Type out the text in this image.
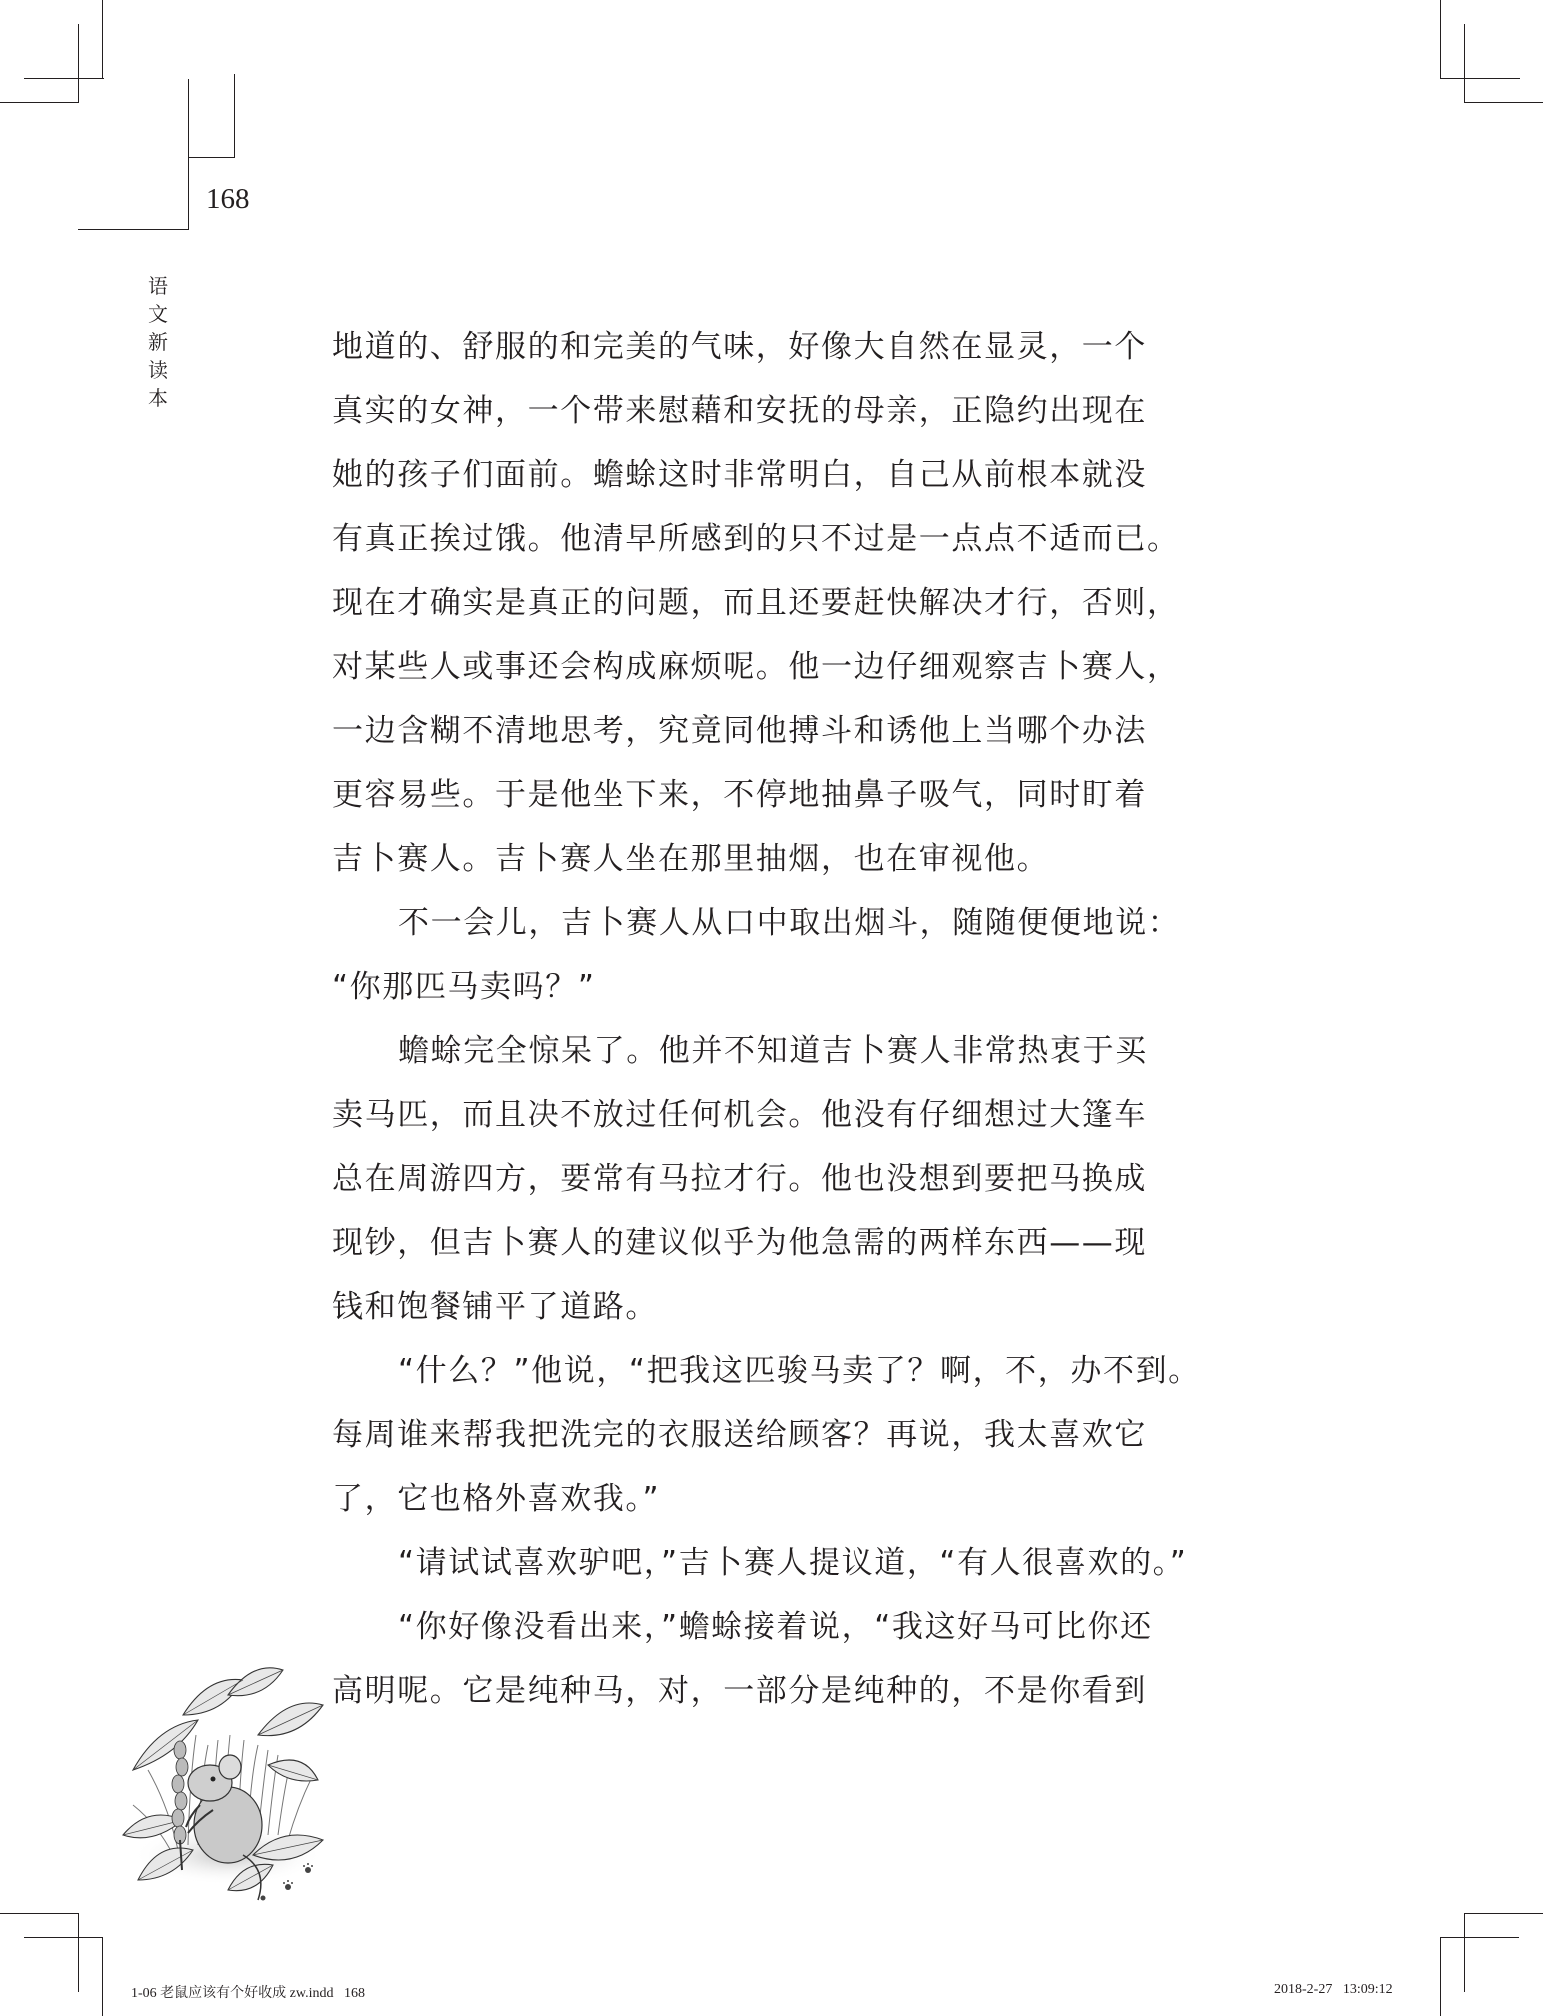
168
语
文
新
读
本
地道的、舒服的和完美的气味，好像大自然在显灵，一个
真实的女神，一个带来慰藉和安抚的母亲，正隐约出现在
她的孩子们面前。蟾蜍这时非常明白，自己从前根本就没
有真正挨过饿。他清早所感到的只不过是一点点不适而已。
现在才确实是真正的问题，而且还要赶快解决才行，否则，
对某些人或事还会构成麻烦呢。他一边仔细观察吉卜赛人，
一边含糊不清地思考，究竟同他搏斗和诱他上当哪个办法
更容易些。于是他坐下来，不停地抽鼻子吸气，同时盯着
吉卜赛人。吉卜赛人坐在那里抽烟，也在审视他。
不一会儿，吉卜赛人从口中取出烟斗，随随便便地说：
“你那匹马卖吗？”
蟾蜍完全惊呆了。他并不知道吉卜赛人非常热衷于买
卖马匹，而且决不放过任何机会。他没有仔细想过大篷车
总在周游四方，要常有马拉才行。他也没想到要把马换成
现钞，但吉卜赛人的建议似乎为他急需的两样东西——现
钱和饱餐铺平了道路。
“什么？”他说，“把我这匹骏马卖了？啊，不，办不到。
每周谁来帮我把洗完的衣服送给顾客？再说，我太喜欢它
了，它也格外喜欢我。”
“请试试喜欢驴吧，”吉卜赛人提议道，“有人很喜欢的。”
“你好像没看出来，”蟾蜍接着说，“我这好马可比你还
高明呢。它是纯种马，对，一部分是纯种的，不是你看到
1-06 老鼠应该有个好收成 zw.indd   168	2018-2-27   13:09:12
